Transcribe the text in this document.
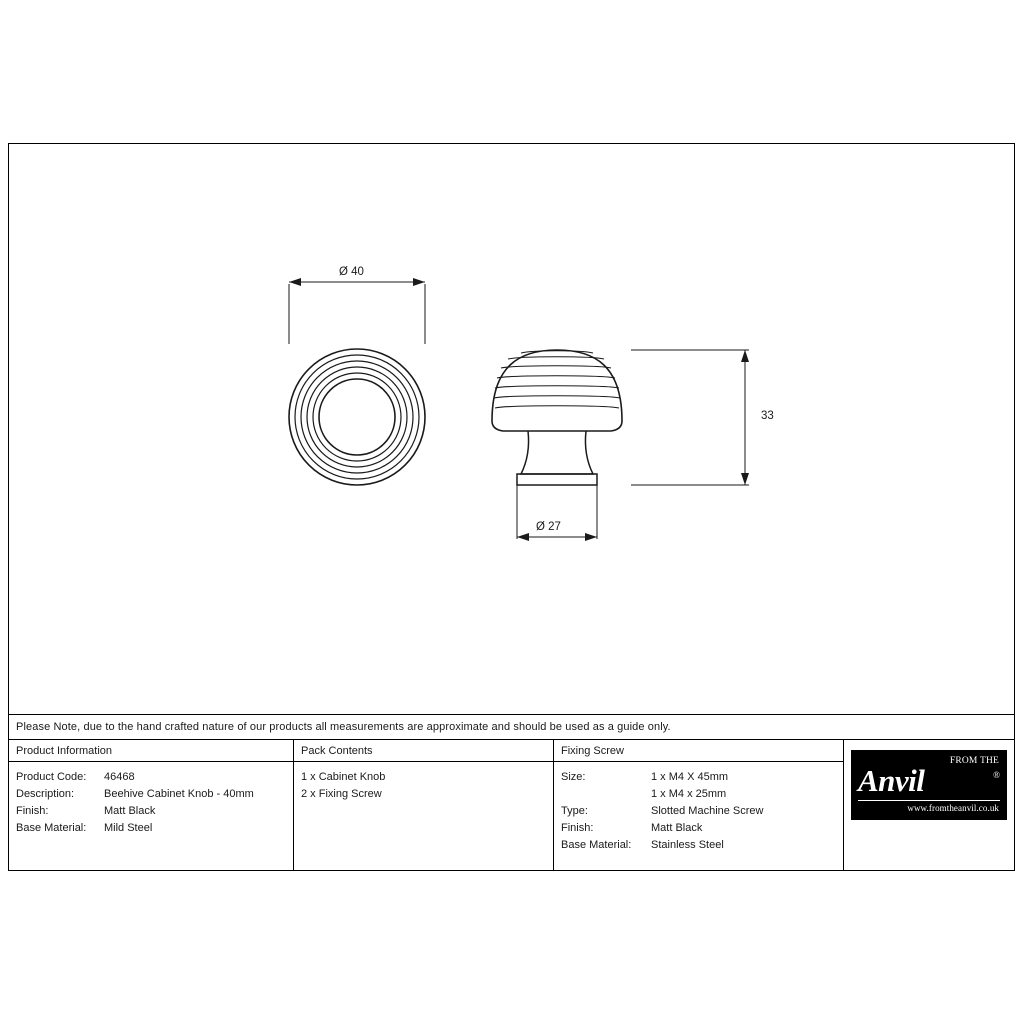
Ø 40
Ø 27
33
Please Note, due to the hand crafted nature of our products all measurements are approximate and should be used as a guide only.
Product Information
Product Code:	46468
Description:	Beehive Cabinet Knob - 40mm
Finish:	Matt Black
Base Material:	Mild Steel
Pack Contents
1 x Cabinet Knob
2 x Fixing Screw
Fixing Screw
Size:	1 x M4 X 45mm
1 x M4 x 25mm
Type:	Slotted Machine Screw
Finish:	Matt Black
Base Material:	Stainless Steel
FROM THE
Anvil	®
www.fromtheanvil.co.uk
